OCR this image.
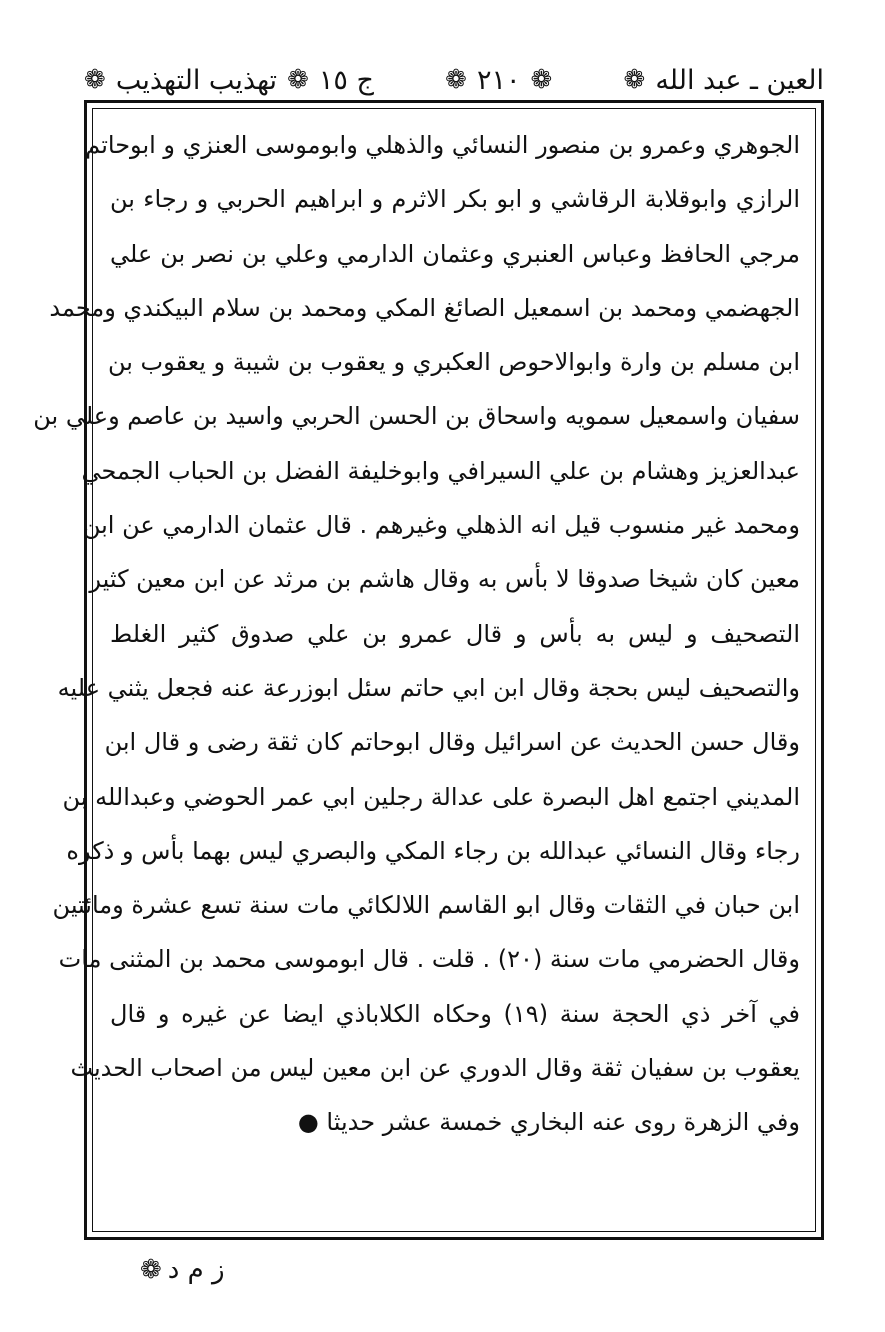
ج ١٥
❁
تهذيب التهذيب
❁	❁
٢١٠
❁	العين ـ عبد الله
❁
الجوهري وعمرو بن منصور النسائي والذهلي وابوموسى العنزي و ابوحاتم
الرازي وابوقلابة الرقاشي و ابو بكر الاثرم و ابراهيم الحربي و رجاء بن
مرجي الحافظ وعباس العنبري وعثمان الدارمي وعلي بن نصر بن علي
الجهضمي ومحمد بن اسمعيل الصائغ المكي ومحمد بن سلام البيكندي ومحمد
ابن مسلم بن وارة وابوالاحوص العكبري و يعقوب بن شيبة و يعقوب بن
سفيان واسمعيل سمويه واسحاق بن الحسن الحربي واسيد بن عاصم وعلي بن
عبدالعزيز وهشام بن علي السيرافي وابوخليفة الفضل بن الحباب الجمحي
ومحمد غير منسوب قيل انه الذهلي وغيرهم . قال عثمان الدارمي عن ابن
معين كان شيخا صدوقا لا بأس به وقال هاشم بن مرثد عن ابن معين كثير
التصحيف و ليس به بأس و قال عمرو بن علي صدوق كثير الغلط
والتصحيف ليس بحجة وقال ابن ابي حاتم سئل ابوزرعة عنه فجعل يثني عليه
وقال حسن الحديث عن اسرائيل وقال ابوحاتم كان ثقة رضى و قال ابن
المديني اجتمع اهل البصرة على عدالة رجلين ابي عمر الحوضي وعبدالله بن
رجاء وقال النسائي عبدالله بن رجاء المكي والبصري ليس بهما بأس و ذكره
ابن حبان في الثقات وقال ابو القاسم اللالكائي مات سنة تسع عشرة ومائتين
وقال الحضرمي مات سنة (٢٠) . قلت . قال ابوموسى محمد بن المثنى مات
في آخر ذي الحجة سنة (١٩) وحكاه الكلاباذي ايضا عن غيره و قال
يعقوب بن سفيان ثقة وقال الدوري عن ابن معين ليس من اصحاب الحديث
وفي الزهرة روى عنه البخاري خمسة عشر حديثا ●
ز م د
❁
